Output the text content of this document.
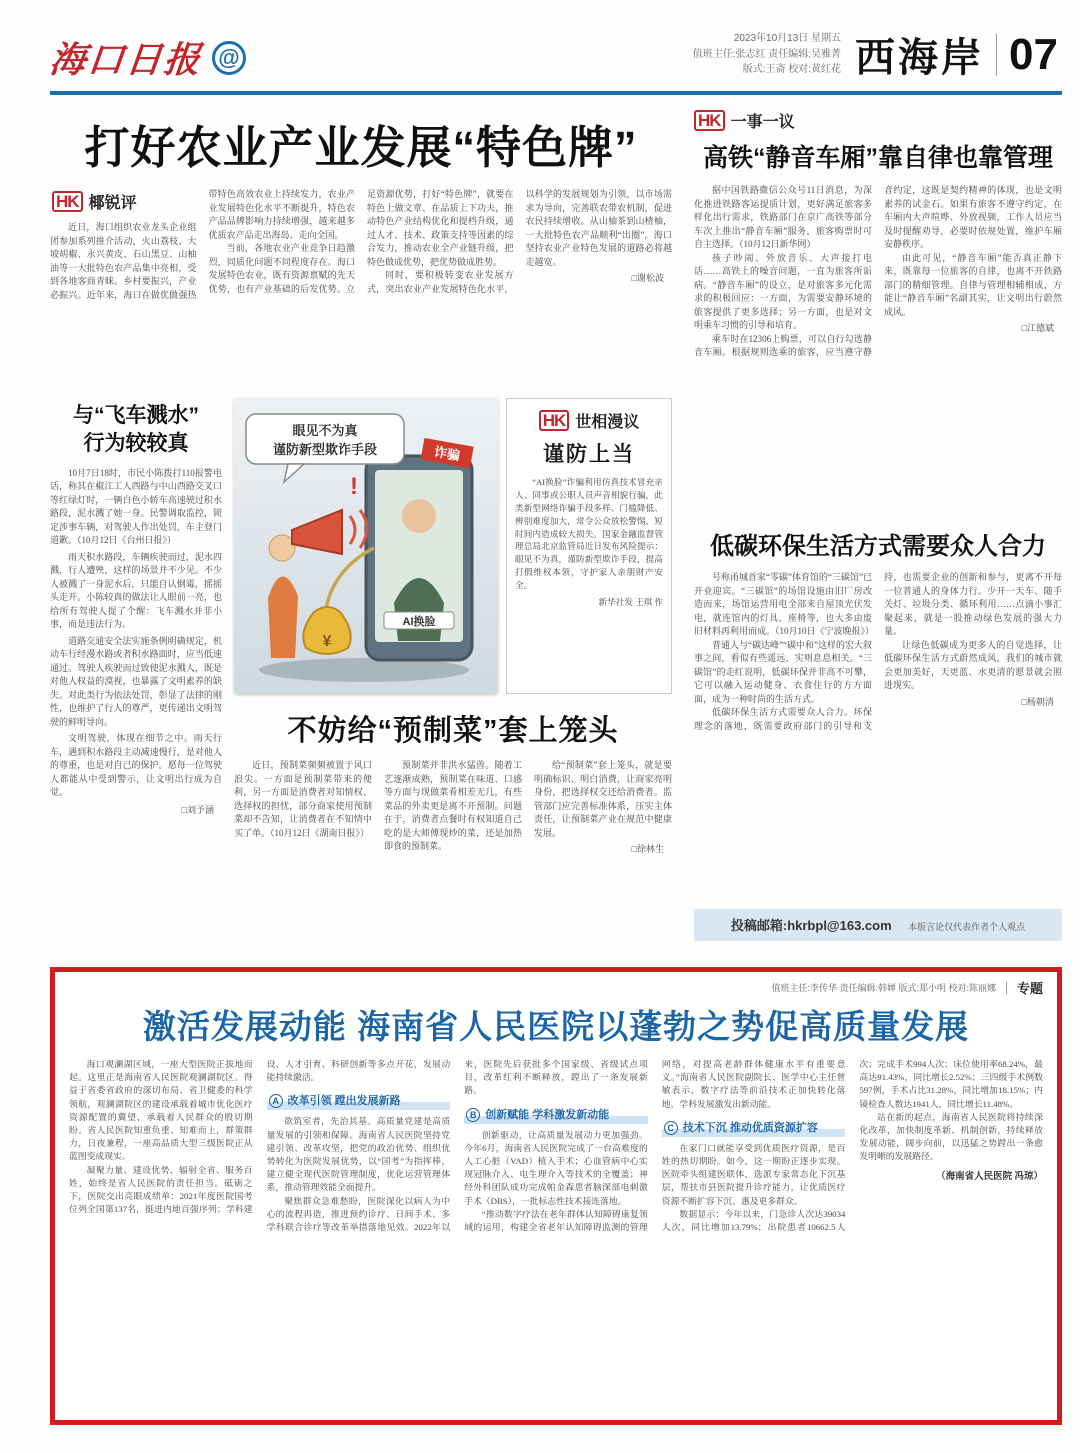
海口日报 @
2023年10月13日 星期五
值班主任:张志红 责任编辑:吴雅菁
版式:王斋 校对:黄红花 西海岸 07
打好农业产业发展“特色牌”
HK 椰锐评

近日，海口组织农业龙头企业组团参加系列推介活动，火山荔枝、大坡胡椒、永兴黄皮、石山黑豆、山柚油等一大批特色农产品集中亮相，受到各地客商青睐。乡村要振兴，产业必振兴。近年来，海口在做优做强热带特色高效农业上持续发力，农业产业发展特色化水平不断提升，特色农产品品牌影响力持续增强，越来越多优质农产品走出海岛、走向全国。

当前，各地农业产业竞争日趋激烈，同质化问题不同程度存在。海口发展特色农业，既有资源禀赋的先天优势，也有产业基础的后发优势。立足资源优势，打好“特色牌”，就要在特色上做文章、在品质上下功夫，推动特色产业结构优化和提档升级，通过人才、技术、政策支持等因素的综合发力，推动农业全产业链升级，把特色做成优势，把优势做成胜势。

同时，要积极转变农业发展方式，突出农业产业发展特色化水平，以科学的发展规划为引领，以市场需求为导向，完善联农带农机制，促进农民持续增收。从山柚茶到山楂柚，一大批特色农产品顺利“出圈”，海口坚持农业产业特色发展的道路必将越走越宽。

□谢松波

与“飞车溅水”
行为较较真

10月7日18时，市民小陈拨打110报警电话，称其在椒江工人西路与中山西路交叉口等红绿灯时，一辆白色小轿车高速驶过积水路段，泥水溅了她一身。民警调取监控，锁定涉事车辆，对驾驶人作出处罚，车主登门道歉。（10月12日《台州日报》）

雨天积水路段，车辆疾驶而过，泥水四溅，行人遭殃，这样的场景并不少见。不少人被溅了一身泥水后，只能自认倒霉，摇摇头走开。小陈较真的做法让人眼前一亮，也给所有驾驶人提了个醒：飞车溅水并非小事，而是违法行为。

道路交通安全法实施条例明确规定，机动车行经漫水路或者积水路面时，应当低速通过。驾驶人疾驶而过致使泥水溅人，既是对他人权益的漠视，也暴露了文明素养的缺失。对此类行为依法处罚，彰显了法律的刚性，也维护了行人的尊严，更传递出文明驾驶的鲜明导向。

文明驾驶，体现在细节之中。雨天行车，遇到积水路段主动减速慢行，是对他人的尊重，也是对自己的保护。愿每一位驾驶人都能从中受到警示，让文明出行成为自觉。

□刘予涵

AI换脸
诈骗
¥
!
眼见不为真
谨防新型欺诈手段
HK 世相漫议
谨防上当

“AI换脸”诈骗利用仿真技术冒充亲人、同事或公职人员声音相貌行骗，此类新型网络诈骗手段多样、门槛降低、辨别难度加大，常令公众放松警惕，短时间内造成较大损失。国家金融监督管理总局北京监管局近日发布风险提示：眼见不为真，谨防新型欺诈手段，提高打假维权本领，守护家人亲朋财产安全。

新华社发 王琪 作
不妨给“预制菜”套上笼头

近日，预制菜频频被置于风口浪尖。一方面是预制菜带来的便利，另一方面是消费者对知情权、选择权的担忧，部分商家使用预制菜却不告知，让消费者在不知情中买了单。（10月12日《湖南日报》）

预制菜并非洪水猛兽。随着工艺逐渐成熟，预制菜在味道、口感等方面与现做菜肴相差无几，有些菜品的外卖更是离不开预制。问题在于，消费者点餐时有权知道自己吃的是大师傅现炒的菜，还是加热即食的预制菜。

给“预制菜”套上笼头，就是要明确标识、明白消费，让商家亮明身份，把选择权交还给消费者。监管部门应完善标准体系，压实主体责任，让预制菜产业在规范中健康发展。

□徐林生

HK 一事一议
高铁“静音车厢”靠自律也靠管理

据中国铁路微信公众号11日消息，为深化推进铁路客运提质计划，更好满足旅客多样化出行需求，铁路部门在京广高铁等部分车次上推出“静音车厢”服务，旅客购票时可自主选择。（10月12日新华网）

孩子吵闹、外放音乐、大声接打电话……高铁上的噪音问题，一直为旅客所诟病。“静音车厢”的设立，是对旅客多元化需求的积极回应：一方面，为需要安静环境的旅客提供了更多选择；另一方面，也是对文明乘车习惯的引导和培育。

乘车时在12306上购票，可以自行勾选静音车厢。根据规则选乘的旅客，应当遵守静音约定，这既是契约精神的体现，也是文明素养的试金石。如果有旅客不遵守约定，在车厢内大声喧哗、外放视频，工作人员应当及时提醒劝导，必要时依规处置，维护车厢安静秩序。

由此可见，“静音车厢”能否真正静下来，既靠每一位旅客的自律，也离不开铁路部门的精细管理。自律与管理相辅相成，方能让“静音车厢”名副其实，让文明出行蔚然成风。

□江德斌

低碳环保生活方式需要众人合力

号称甬城首家“零碳”体育馆的“三碳馆”已开业迎宾。“三碳馆”的场馆设施由旧厂房改造而来，场馆运营用电全部来自屋顶光伏发电，就连馆内的灯具、座椅等，也大多由废旧材料再利用而成。（10月10日《宁波晚报》）

普通人与“碳达峰”“碳中和”这样的宏大叙事之间，看似有些遥远，实则息息相关。“三碳馆”的走红说明，低碳环保并非高不可攀，它可以融入运动健身、衣食住行的方方面面，成为一种时尚的生活方式。

低碳环保生活方式需要众人合力。环保理念的落地，既需要政府部门的引导和支持，也需要企业的创新和参与，更离不开每一位普通人的身体力行。少开一天车、随手关灯、垃圾分类、循环利用……点滴小事汇聚起来，就是一股推动绿色发展的强大力量。

让绿色低碳成为更多人的自觉选择，让低碳环保生活方式蔚然成风，我们的城市就会更加美好，天更蓝、水更清的愿景就会照进现实。

□杨朝清

投稿邮箱:hkrbpl@163.com 本版言论仅代表作者个人观点
值班主任:李传华 责任编辑:韩婵 版式:郑小明 校对:陈丽娜 专题
激活发展动能 海南省人民医院以蓬勃之势促高质量发展

海口观澜湖区域，一座大型医院正拔地而起。这里正是海南省人民医院观澜湖院区。得益于省委省政府的深切布局、省卫健委的科学领航，观澜湖院区的建设承载着城市优化医疗资源配置的冀望，承载着人民群众的殷切期盼。省人民医院知重负重、知难而上，群策群力，日夜兼程，一座高品质大型三级医院正从蓝图变成现实。

凝聚力量、建设优势、辐射全省、服务百姓，始终是省人民医院的责任担当。砥砺之下，医院交出亮眼成绩单：2021年度医院国考位列全国第137名，挺进内地百强序列；学科建设、人才引育、科研创新等多点开花，发展动能持续激活。

A 改革引领 蹚出发展新路

欲筑室者，先治其基。高质量党建是高质量发展的引领和保障。海南省人民医院坚持党建引领、改革攻坚，把党的政治优势、组织优势转化为医院发展优势，以“国考”为指挥棒，建立健全现代医院管理制度，优化运营管理体系，推动管理效能全面提升。

聚焦群众急难愁盼，医院深化以病人为中心的流程再造，推进预约诊疗、日间手术、多学科联合诊疗等改革举措落地见效。2022年以来，医院先后获批多个国家级、省级试点项目，改革红利不断释放，蹚出了一条发展新路。

B 创新赋能 学科激发新动能

创新驱动，让高质量发展动力更加强劲。今年6月，海南省人民医院完成了一台高难度的人工心脏（VAD）植入手术；心血管病中心实现冠脉介入、电生理介入等技术的全覆盖；神经外科团队成功完成帕金森患者脑深部电刺激手术（DBS），一批标志性技术接连落地。

“推动数字疗法在老年群体认知障碍康复领域的运用，构建全省老年认知障碍监测的管理网络，对提高老龄群体健康水平有重要意义。”海南省人民医院副院长、医学中心主任曾敏表示，数字疗法等前沿技术正加快转化落地，学科发展激发出新动能。

C 技术下沉 推动优质资源扩容

在家门口就能享受到优质医疗资源，是百姓的热切期盼。如今，这一期盼正逐步实现。医院牵头组建医联体，选派专家常态化下沉基层，帮扶市县医院提升诊疗能力，让优质医疗资源不断扩容下沉、惠及更多群众。

数据显示：今年以来，门急诊人次达39034人次，同比增加13.79%；出院患者10662.5人次；完成手术994人次；床位使用率68.24%，最高达91.43%，同比增长2.52%；三四级手术例数597例，手术占比31.28%，同比增加18.15%；内镜检查人数达1941人，同比增长11.48%。

站在新的起点，海南省人民医院将持续深化改革，加快制度革新、机制创新，持续释放发展动能，阔步向前，以迅猛之势蹚出一条愈发明晰的发展路径。

（海南省人民医院 冯琼）
